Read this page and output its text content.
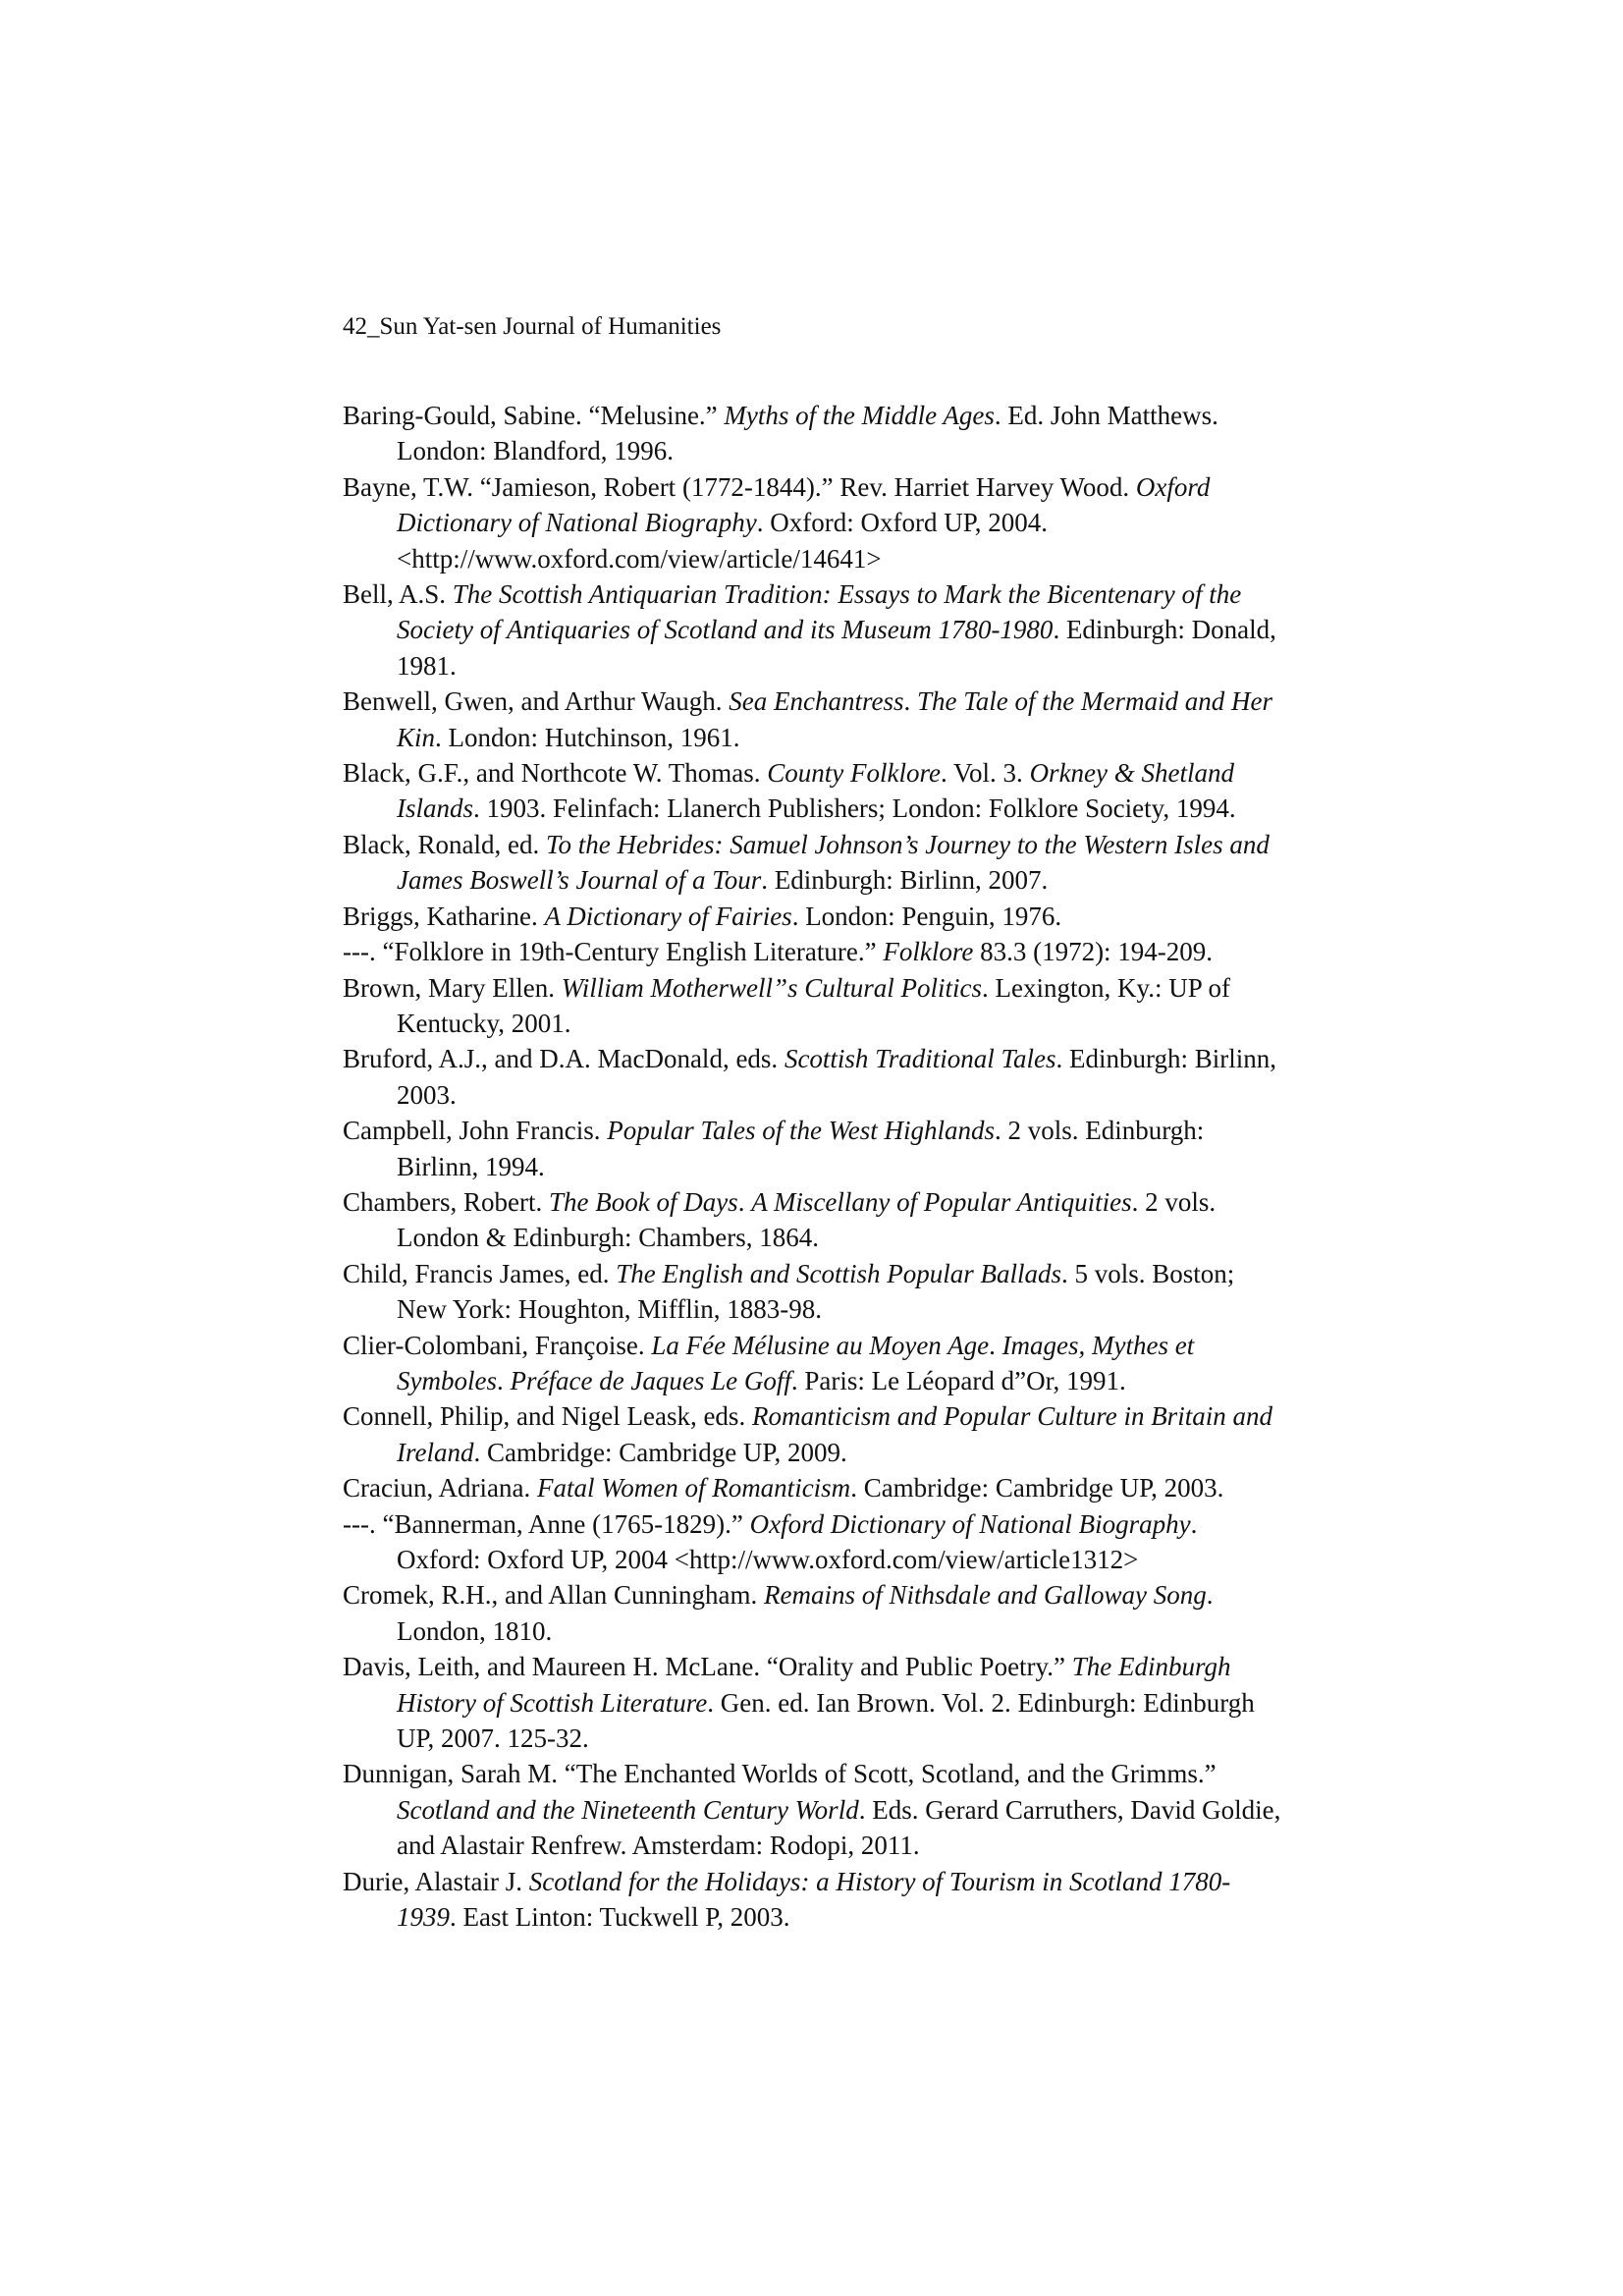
42_Sun Yat-sen Journal of Humanities

Baring-Gould, Sabine. “Melusine.” Myths of the Middle Ages. Ed. John Matthews. London: Blandford, 1996.

Bayne, T.W. “Jamieson, Robert (1772-1844).” Rev. Harriet Harvey Wood. Oxford Dictionary of National Biography. Oxford: Oxford UP, 2004. <http://www.oxford.com/view/article/14641>

Bell, A.S. The Scottish Antiquarian Tradition: Essays to Mark the Bicentenary of the Society of Antiquaries of Scotland and its Museum 1780-1980. Edinburgh: Donald, 1981.

Benwell, Gwen, and Arthur Waugh. Sea Enchantress. The Tale of the Mermaid and Her Kin. London: Hutchinson, 1961.

Black, G.F., and Northcote W. Thomas. County Folklore. Vol. 3. Orkney & Shetland Islands. 1903. Felinfach: Llanerch Publishers; London: Folklore Society, 1994.

Black, Ronald, ed. To the Hebrides: Samuel Johnson’s Journey to the Western Isles and James Boswell’s Journal of a Tour. Edinburgh: Birlinn, 2007.

Briggs, Katharine. A Dictionary of Fairies. London: Penguin, 1976.

---. “Folklore in 19th-Century English Literature.” Folklore 83.3 (1972): 194-209.

Brown, Mary Ellen. William Motherwell”s Cultural Politics. Lexington, Ky.: UP of Kentucky, 2001.

Bruford, A.J., and D.A. MacDonald, eds. Scottish Traditional Tales. Edinburgh: Birlinn, 2003.

Campbell, John Francis. Popular Tales of the West Highlands. 2 vols. Edinburgh: Birlinn, 1994.

Chambers, Robert. The Book of Days. A Miscellany of Popular Antiquities. 2 vols. London & Edinburgh: Chambers, 1864.

Child, Francis James, ed. The English and Scottish Popular Ballads. 5 vols. Boston; New York: Houghton, Mifflin, 1883-98.

Clier-Colombani, Françoise. La Fée Mélusine au Moyen Age. Images, Mythes et Symboles. Préface de Jaques Le Goff. Paris: Le Léopard d”Or, 1991.

Connell, Philip, and Nigel Leask, eds. Romanticism and Popular Culture in Britain and Ireland. Cambridge: Cambridge UP, 2009.

Craciun, Adriana. Fatal Women of Romanticism. Cambridge: Cambridge UP, 2003.

---. “Bannerman, Anne (1765-1829).” Oxford Dictionary of National Biography. Oxford: Oxford UP, 2004 <http://www.oxford.com/view/article1312>

Cromek, R.H., and Allan Cunningham. Remains of Nithsdale and Galloway Song. London, 1810.

Davis, Leith, and Maureen H. McLane. “Orality and Public Poetry.” The Edinburgh History of Scottish Literature. Gen. ed. Ian Brown. Vol. 2. Edinburgh: Edinburgh UP, 2007. 125-32.

Dunnigan, Sarah M. “The Enchanted Worlds of Scott, Scotland, and the Grimms.” Scotland and the Nineteenth Century World. Eds. Gerard Carruthers, David Goldie, and Alastair Renfrew. Amsterdam: Rodopi, 2011.

Durie, Alastair J. Scotland for the Holidays: a History of Tourism in Scotland 1780-1939. East Linton: Tuckwell P, 2003.
